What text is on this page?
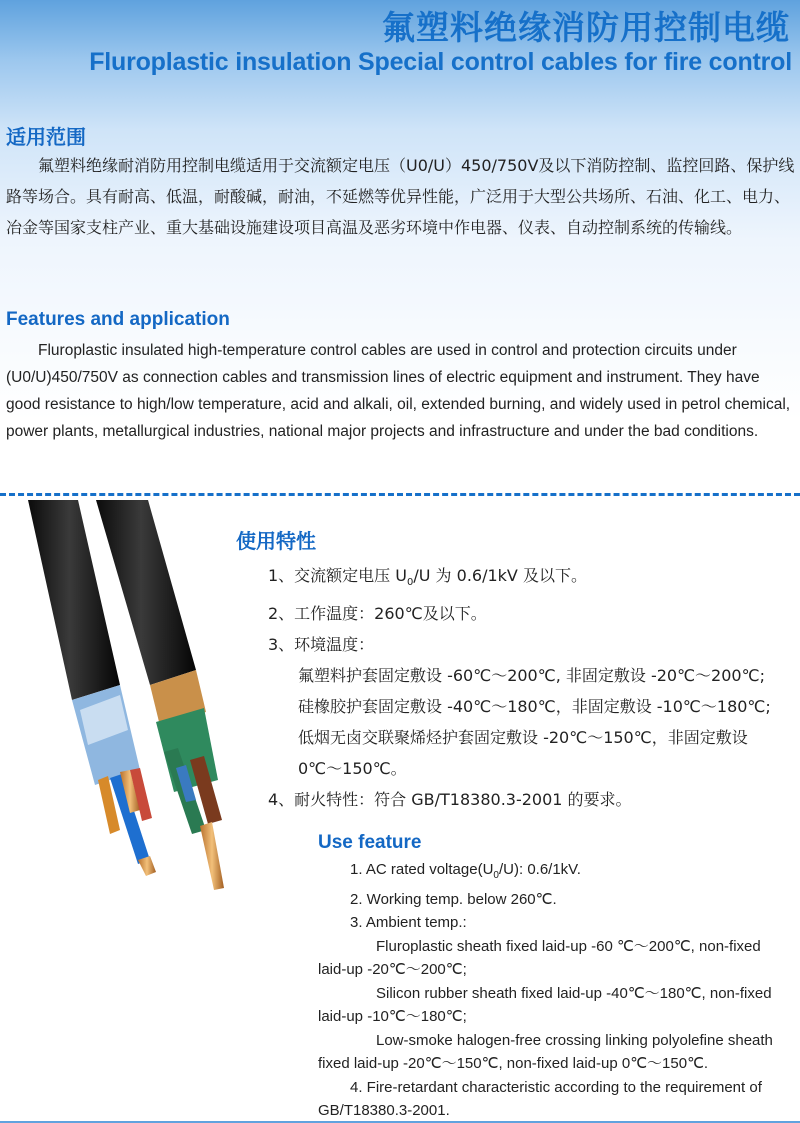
氟塑料绝缘消防用控制电缆
Fluroplastic insulation Special control cables for fire control
适用范围

氟塑料绝缘耐消防用控制电缆适用于交流额定电压（U0/U）450/750V及以下消防控制、监控回路、保护线路等场合。具有耐高、低温，耐酸碱，耐油，不延燃等优异性能，广泛用于大型公共场所、石油、化工、电力、冶金等国家支柱产业、重大基础设施建设项目高温及恶劣环境中作电器、仪表、自动控制系统的传输线。

Features and application

Fluroplastic insulated high-temperature control cables are used in control and protection circuits under (U0/U)450/750V as connection cables and transmission lines of electric equipment and instrument. They have good resistance to high/low temperature, acid and alkali, oil, extended burning, and widely used in petrol chemical, power plants, metallurgical industries, national major projects and infrastructure and under the bad conditions.

使用特性
1、交流额定电压 $U_0/U$ 为 0.6/1kV 及以下。
2、工作温度：260℃及以下。
3、环境温度：
氟塑料护套固定敷设 -60℃～200℃, 非固定敷设 -20℃～200℃;
硅橡胶护套固定敷设 -40℃～180℃，非固定敷设 -10℃～180℃;
低烟无卤交联聚烯烃护套固定敷设 -20℃～150℃，非固定敷设
0℃～150℃。
4、耐火特性：符合 GB/T18380.3-2001 的要求。
Use feature
1. AC rated $voltage(U_0/U)$: 0.6/1kV.
2. Working temp. below 260℃.
3. Ambient temp.:
Fluroplastic sheath fixed laid-up -60 ℃～200℃, non-fixed
laid-up -20℃～200℃;
Silicon rubber sheath fixed laid-up -40℃～180℃, non-fixed
laid-up -10℃～180℃;
Low-smoke halogen-free crossing linking polyolefine sheath
fixed laid-up -20℃～150℃, non-fixed laid-up 0℃～150℃.
4. Fire-retardant characteristic according to the requirement of
GB/T18380.3-2001.
